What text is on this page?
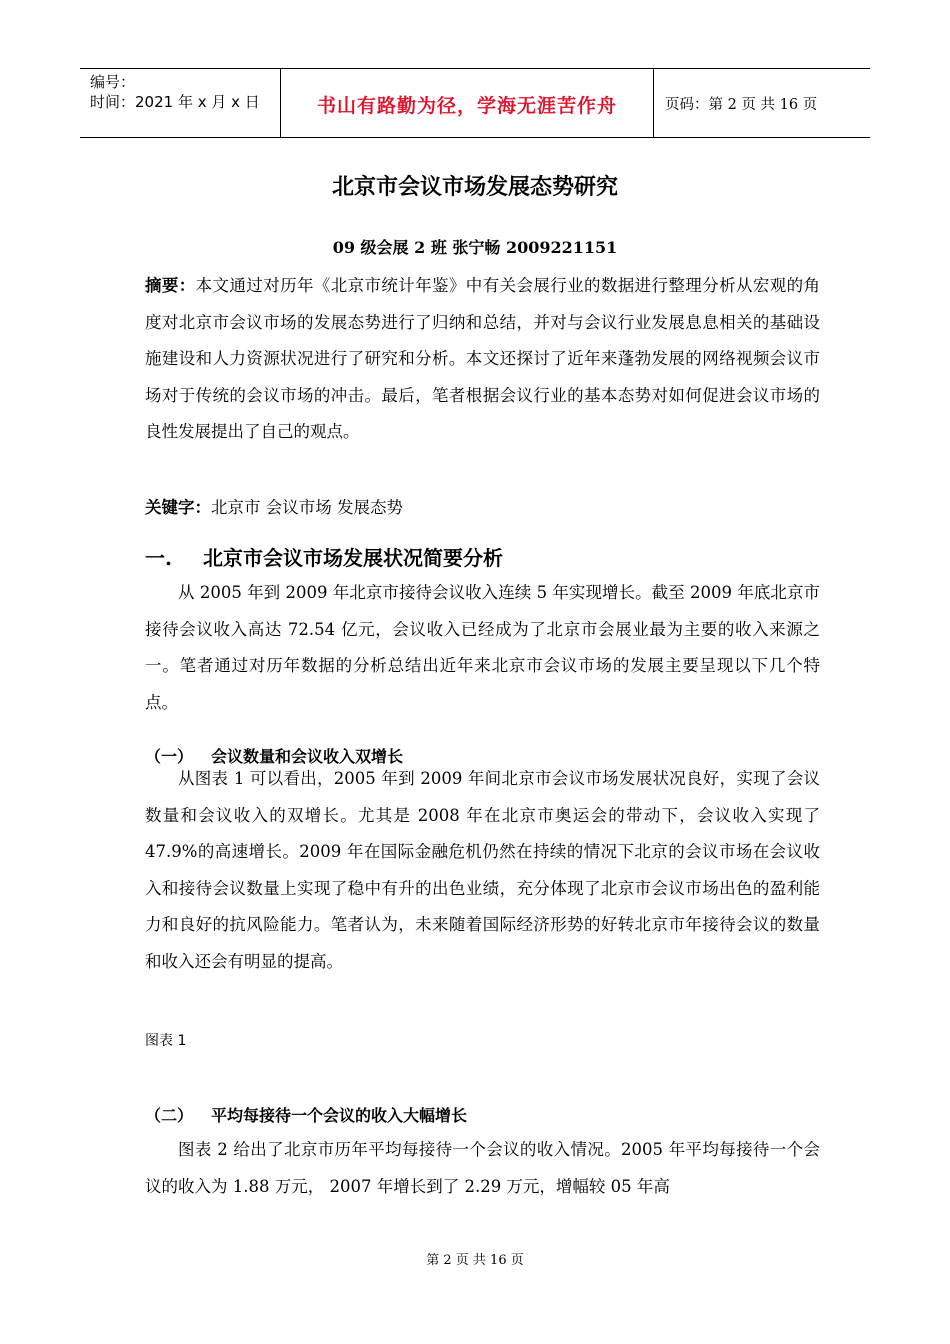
编号：
时间：2021 年 x 月 x 日	书山有路勤为径，学海无涯苦作舟	页码：第 2 页 共 16 页
北京市会议市场发展态势研究
09 级会展 2 班 张宁畅 2009221151

摘要：本文通过对历年《北京市统计年鉴》中有关会展行业的数据进行整理分析从宏观的角度对北京市会议市场的发展态势进行了归纳和总结，并对与会议行业发展息息相关的基础设施建设和人力资源状况进行了研究和分析。本文还探讨了近年来蓬勃发展的网络视频会议市场对于传统的会议市场的冲击。最后，笔者根据会议行业的基本态势对如何促进会议市场的良性发展提出了自己的观点。

关键字：北京市 会议市场 发展态势

一. 北京市会议市场发展状况简要分析

从 2005 年到 2009 年北京市接待会议收入连续 5 年实现增长。截至 2009 年底北京市接待会议收入高达 72.54 亿元，会议收入已经成为了北京市会展业最为主要的收入来源之一。笔者通过对历年数据的分析总结出近年来北京市会议市场的发展主要呈现以下几个特点。

（一） 会议数量和会议收入双增长

从图表 1 可以看出，2005 年到 2009 年间北京市会议市场发展状况良好，实现了会议数量和会议收入的双增长。尤其是 2008 年在北京市奥运会的带动下，会议收入实现了 47.9%的高速增长。2009 年在国际金融危机仍然在持续的情况下北京的会议市场在会议收入和接待会议数量上实现了稳中有升的出色业绩，充分体现了北京市会议市场出色的盈利能力和良好的抗风险能力。笔者认为，未来随着国际经济形势的好转北京市年接待会议的数量和收入还会有明显的提高。

图表 1
（二） 平均每接待一个会议的收入大幅增长

图表 2 给出了北京市历年平均每接待一个会议的收入情况。2005 年平均每接待一个会议的收入为 1.88 万元， 2007 年增长到了 2.29 万元，增幅较 05 年高

第 2 页 共 16 页
